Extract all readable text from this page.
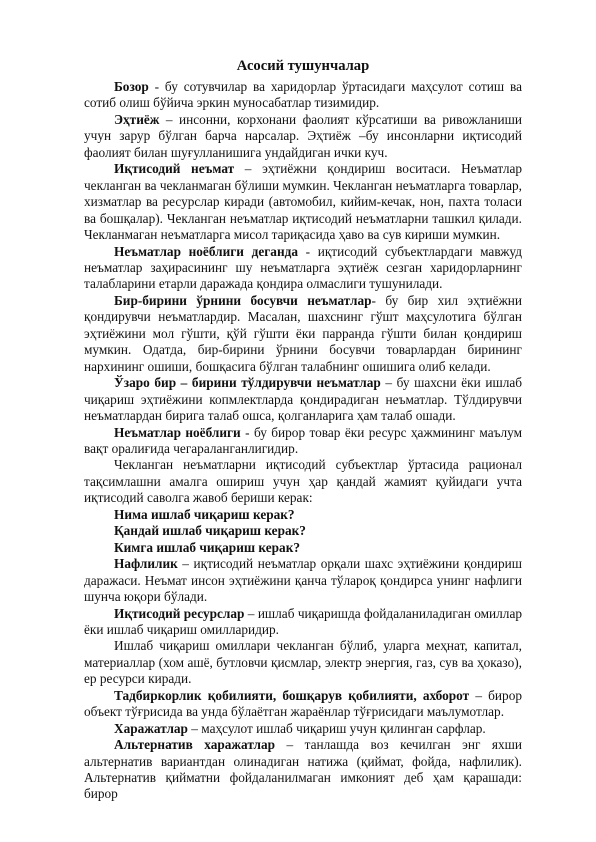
Асосий тушунчалар

Бозор - бу сотувчилар ва харидорлар ўртасидаги маҳсулот сотиш ва сотиб олиш бўйича эркин муносабатлар тизимидир.

Эҳтиёж – инсонни, корхонани фаолият кўрсатиши ва ривожланиши учун зарур бўлган барча нарсалар. Эҳтиёж –бу инсонларни иқтисодий фаолият билан шуғулланишига ундайдиган ички куч.

Иқтисодий неъмат – эҳтиёжни қондириш воситаси. Неъматлар чекланган ва чекланмаган бўлиши мумкин. Чекланган неъматларга товарлар, хизматлар ва ресурслар киради (автомобил, кийим-кечак, нон, пахта толаси ва бошқалар). Чекланган неъматлар иқтисодий неъматларни ташкил қилади. Чекланмаган неъматларга мисол тариқасида ҳаво ва сув кириши мумкин.

Неъматлар ноёблиги деганда - иқтисодий субъектлардаги мавжуд неъматлар заҳирасининг шу неъматларга эҳтиёж сезган харидорларнинг талабларини етарли даражада қондира олмаслиги тушунилади.

Бир-бирини ўрнини босувчи неъматлар- бу бир хил эҳтиёжни қондирувчи неъматлардир. Масалан, шахснинг гўшт маҳсулотига бўлган эҳтиёжини мол гўшти, қўй гўшти ёки парранда гўшти билан қондириш мумкин. Одатда, бир-бирини ўрнини босувчи товарлардан бирининг нархининг ошиши, бошқасига бўлган талабнинг ошишига олиб келади.

Ўзаро бир – бирини тўлдирувчи неъматлар – бу шахсни ёки ишлаб чиқариш эҳтиёжини копмлектларда қондирадиган неъматлар. Тўлдирувчи неъматлардан бирига талаб ошса, қолганларига ҳам талаб ошади.

Неъматлар ноёблиги - бу бирор товар ёки ресурс ҳажмининг маълум вақт оралиғида чегараланганлигидир.

Чекланган неъматларни иқтисодий субъектлар ўртасида рационал тақсимлашни амалга ошириш учун ҳар қандай жамият қуйидаги учта иқтисодий саволга жавоб бериши керак:

Нима ишлаб чиқариш керак?

Қандай ишлаб чиқариш керак?

Кимга ишлаб чиқариш керак?

Нафлилик – иқтисодий неъматлар орқали шахс эҳтиёжини қондириш даражаси. Неъмат инсон эҳтиёжини қанча тўлароқ қондирса унинг нафлиги шунча юқори бўлади.

Иқтисодий ресурслар – ишлаб чиқаришда фойдаланиладиган омиллар ёки ишлаб чиқариш омилларидир.

Ишлаб чиқариш омиллари чекланган бўлиб, уларга меҳнат, капитал, материаллар (хом ашё, бутловчи қисмлар, электр энергия, газ, сув ва ҳоказо), ер ресурси киради.

Тадбиркорлик қобилияти, бошқарув қобилияти, ахборот – бирор объект тўғрисида ва унда бўлаётган жараёнлар тўғрисидаги маълумотлар.

Харажатлар – маҳсулот ишлаб чиқариш учун қилинган сарфлар.

Альтернатив харажатлар – танлашда воз кечилган энг яхши альтернатив вариантдан олинадиган натижа (қиймат, фойда, нафлилик). Альтернатив қийматни фойдаланилмаган имконият деб ҳам қарашади: бирор
